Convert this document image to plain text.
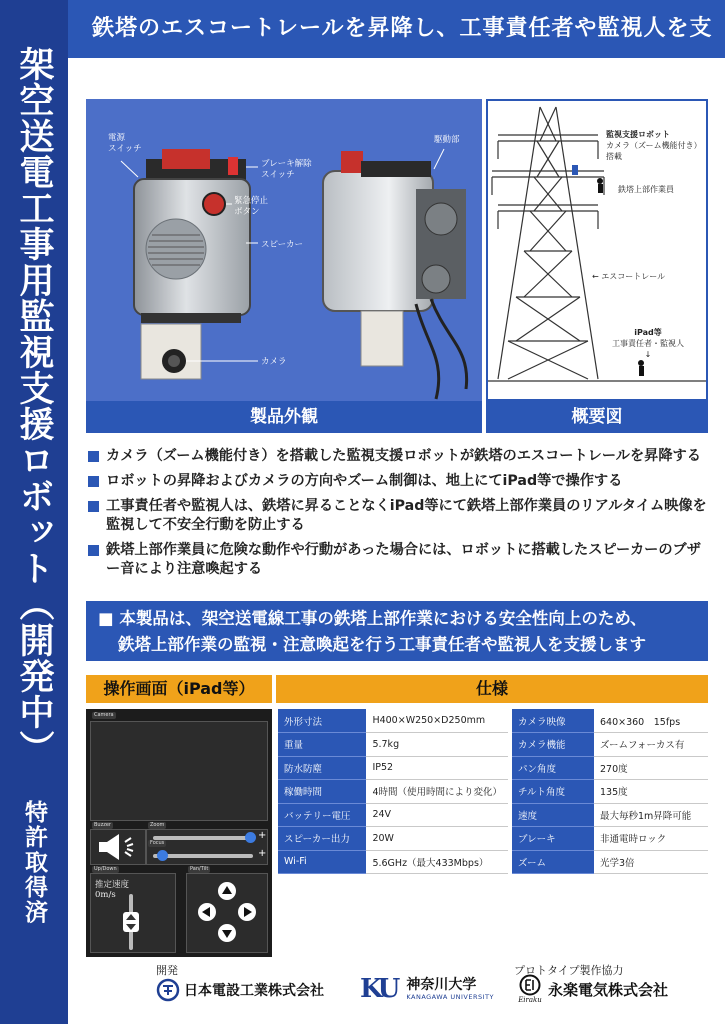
架空送電工事用監視支援ロボット（開発中）
特許取得済
鉄塔のエスコートレールを昇降し、工事責任者や監視人を支援
電源
スイッチ
ブレーキ解除
スイッチ
緊急停止
ボタン
スピーカー
カメラ
駆動部
製品外観
監視支援ロボット
カメラ（ズーム機能付き）
搭載
鉄塔上部作業員
← エスコートレール
iPad等
工事責任者・監視人
↓
概要図
カメラ（ズーム機能付き）を搭載した監視支援ロボットが鉄塔のエスコートレールを昇降する
ロボットの昇降およびカメラの方向やズーム制御は、地上にてiPad等で操作する
工事責任者や監視人は、鉄塔に昇ることなくiPad等にて鉄塔上部作業員のリアルタイム映像を監視して不安全行動を防止する
鉄塔上部作業員に危険な動作や行動があった場合には、ロボットに搭載したスピーカーのブザー音により注意喚起する
■ 本製品は、架空送電線工事の鉄塔上部作業における安全性向上のため、
鉄塔上部作業の監視・注意喚起を行う工事責任者や監視人を支援します
操作画面（iPad等）	仕様
Camera
Buzzer	Zoom
+
+
Focus
Up/Down
推定速度
0m/s
Pan/Tilt
外形寸法	H400×W250×D250mm
重量	5.7kg
防水防塵	IP52
稼働時間	4時間（使用時間により変化）
バッテリー電圧	24V
スピーカー出力	20W
Wi-Fi	5.6GHz（最大433Mbps）
カメラ映像	640×360　15fps
カメラ機能	ズームフォーカス有
パン角度	270度
チルト角度	135度
速度	最大毎秒1m昇降可能
ブレーキ	非通電時ロック
ズーム	光学3倍
開発	プロトタイプ製作協力
日本電設工業株式会社 KU 神奈川大学
KANAGAWA UNIVERSITY	Eiraku
永楽電気株式会社
